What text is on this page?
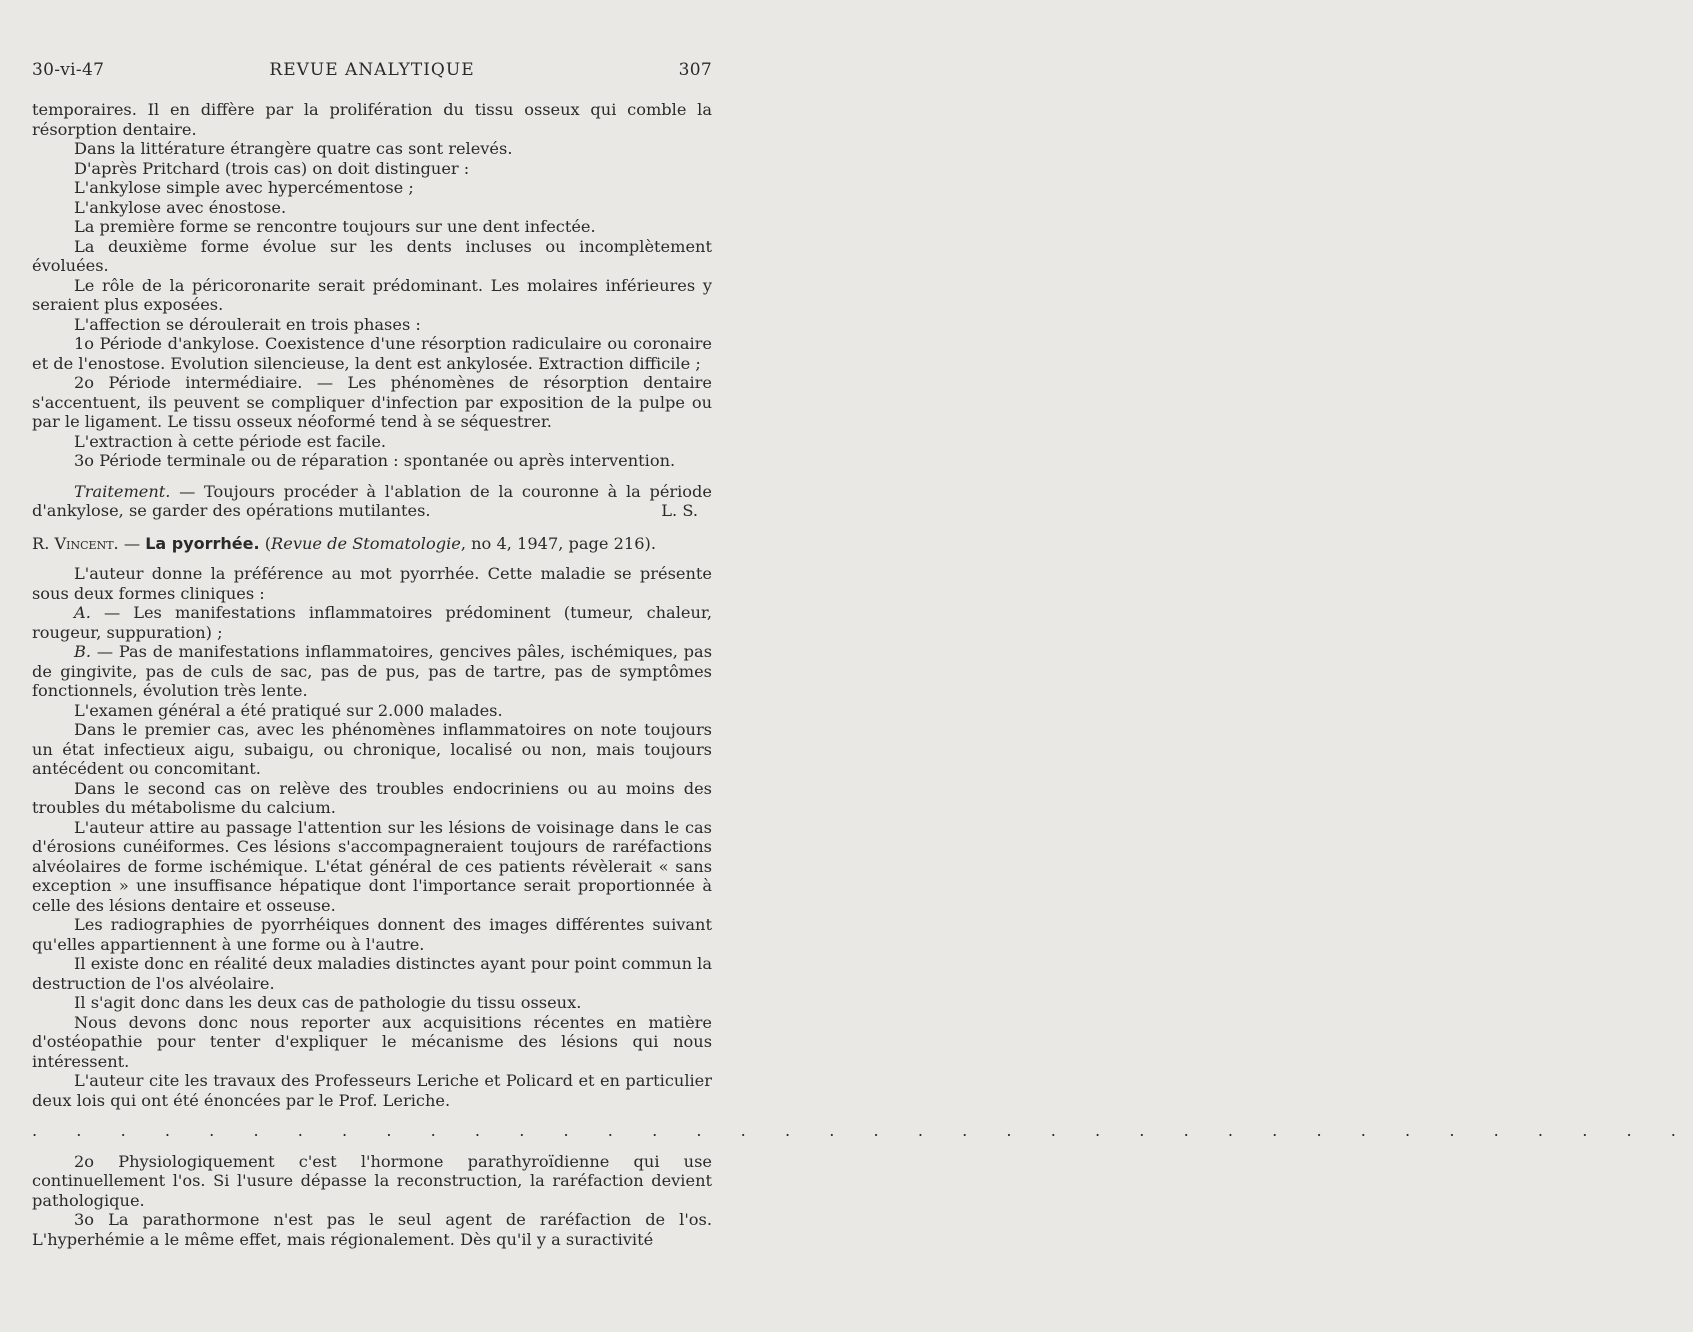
30-vi-47	REVUE ANALYTIQUE	307

temporaires. Il en diffère par la prolifération du tissu osseux qui comble la résorption dentaire.

Dans la littérature étrangère quatre cas sont relevés.

D'après Pritchard (trois cas) on doit distinguer :

L'ankylose simple avec hypercémentose ;

L'ankylose avec énostose.

La première forme se rencontre toujours sur une dent infectée.

La deuxième forme évolue sur les dents incluses ou incomplètement évoluées.

Le rôle de la péricoronarite serait prédominant. Les molaires inférieures y seraient plus exposées.

L'affection se déroulerait en trois phases :

1o Période d'ankylose. Coexistence d'une résorption radiculaire ou coronaire et de l'enostose. Evolution silencieuse, la dent est ankylosée. Extraction difficile ;

2o Période intermédiaire. — Les phénomènes de résorption dentaire s'accentuent, ils peuvent se compliquer d'infection par exposition de la pulpe ou par le ligament. Le tissu osseux néoformé tend à se séquestrer.

L'extraction à cette période est facile.

3o Période terminale ou de réparation : spontanée ou après intervention.

Traitement. — Toujours procéder à l'ablation de la couronne à la période d'ankylose, se garder des opérations mutilantes.	L. S.

R. Vincent. — La pyorrhée. (Revue de Stomatologie, no 4, 1947, page 216).

L'auteur donne la préférence au mot pyorrhée. Cette maladie se présente sous deux formes cliniques :

A. — Les manifestations inflammatoires prédominent (tumeur, chaleur, rougeur, suppuration) ;

B. — Pas de manifestations inflammatoires, gencives pâles, ischémiques, pas de gingivite, pas de culs de sac, pas de pus, pas de tartre, pas de symptômes fonctionnels, évolution très lente.

L'examen général a été pratiqué sur 2.000 malades.

Dans le premier cas, avec les phénomènes inflammatoires on note toujours un état infectieux aigu, subaigu, ou chronique, localisé ou non, mais toujours antécédent ou concomitant.

Dans le second cas on relève des troubles endocriniens ou au moins des troubles du métabolisme du calcium.

L'auteur attire au passage l'attention sur les lésions de voisinage dans le cas d'érosions cunéiformes. Ces lésions s'accompagneraient toujours de raréfactions alvéolaires de forme ischémique. L'état général de ces patients révèlerait « sans exception » une insuffisance hépatique dont l'importance serait proportionnée à celle des lésions dentaire et osseuse.

Les radiographies de pyorrhéiques donnent des images différentes suivant qu'elles appartiennent à une forme ou à l'autre.

Il existe donc en réalité deux maladies distinctes ayant pour point commun la destruction de l'os alvéolaire.

Il s'agit donc dans les deux cas de pathologie du tissu osseux.

Nous devons donc nous reporter aux acquisitions récentes en matière d'ostéopathie pour tenter d'expliquer le mécanisme des lésions qui nous intéressent.

L'auteur cite les travaux des Professeurs Leriche et Policard et en particulier deux lois qui ont été énoncées par le Prof. Leriche.

. . . . . . . . . . . . . . . . . . . . . . . . . . . . . . . . . . . . . .

2o Physiologiquement c'est l'hormone parathyroïdienne qui use continuellement l'os. Si l'usure dépasse la reconstruction, la raréfaction devient pathologique.

3o La parathormone n'est pas le seul agent de raréfaction de l'os. L'hyperhémie a le même effet, mais régionalement. Dès qu'il y a suractivité
